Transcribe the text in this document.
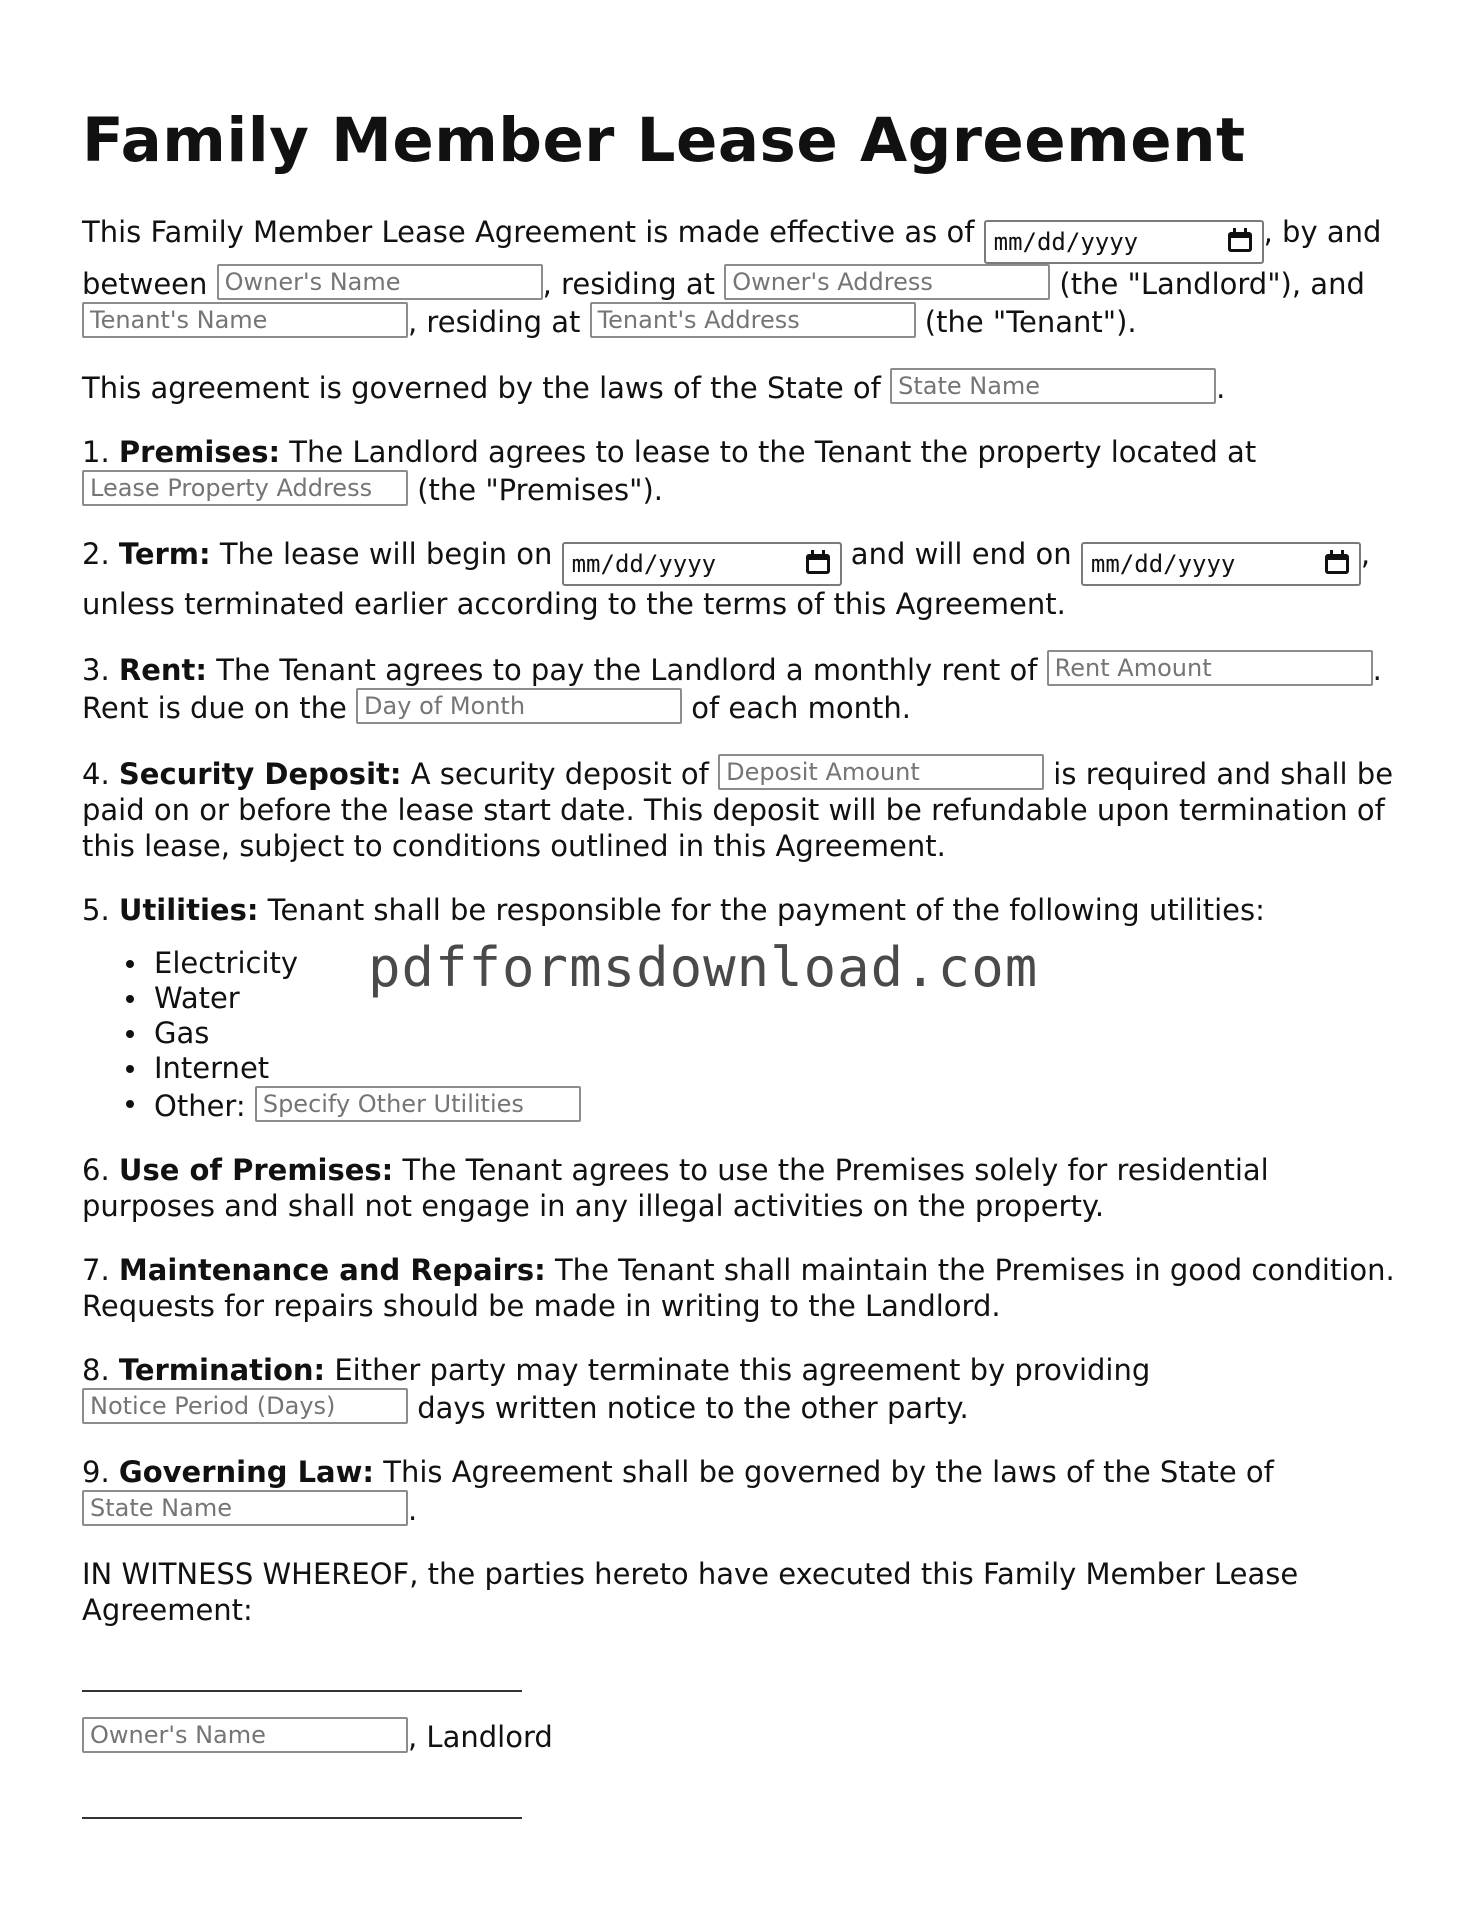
Family Member Lease Agreement

This Family Member Lease Agreement is made effective as of mm/dd/yyyy	, by and between Owner's Name	, residing at Owner's Address	(the "Landlord"), and Tenant's Name	, residing at Tenant's Address	(the "Tenant").

This agreement is governed by the laws of the State of State Name	.

1. Premises: The Landlord agrees to lease to the Tenant the property located at Lease Property Address (the "Premises").

2. Term: The lease will begin on mm/dd/yyyy	and will end on mm/dd/yyyy	, unless terminated earlier according to the terms of this Agreement.

3. Rent: The Tenant agrees to pay the Landlord a monthly rent of Rent Amount	. Rent is due on the Day of Month	of each month.

4. Security Deposit: A security deposit of Deposit Amount	is required and shall be paid on or before the lease start date. This deposit will be refundable upon termination of this lease, subject to conditions outlined in this Agreement.

5. Utilities: Tenant shall be responsible for the payment of the following utilities:

Electricity
Water
Gas
Internet
Other: Specify Other Utilities

6. Use of Premises: The Tenant agrees to use the Premises solely for residential purposes and shall not engage in any illegal activities on the property.

7. Maintenance and Repairs: The Tenant shall maintain the Premises in good condition. Requests for repairs should be made in writing to the Landlord.

8. Termination: Either party may terminate this agreement by providing Notice Period (Days)	days written notice to the other party.

9. Governing Law: This Agreement shall be governed by the laws of the State of State Name	.

IN WITNESS WHEREOF, the parties hereto have executed this Family Member Lease Agreement:

Owner's Name	, Landlord

pdfformsdownload.com
